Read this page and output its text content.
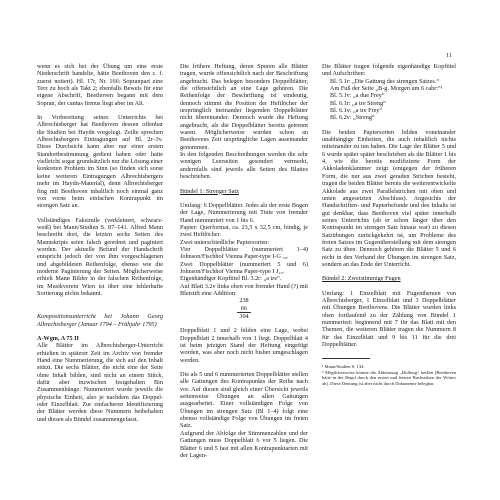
11

wenn es sich bei der Übung um eine erste Niederschrift handelte, hätte Beethoven den c. f. zuerst notiert). Hl. 17r, Nr. 166: Sopranpart eine Terz zu hoch als Takt 2; ebenfalls Beweis für eine eigene Abschrift, Beethoven begann mit dem Sopran, der cantus firmus liegt aber im Alt.

In Vorbereitung seines Unterrichts bei Albrechtsberger hat Beethoven dessen offenbar die Studien bei Haydn vorgelegt. Zeilte sprechen Albrechtsbergers Eintragungen auf Bl. 2r–3v. Diese Durchsicht kann aber nur einer ersten Standortbestimmung gedient haben oder hatte vielleicht sogar grundsätzlich nur die Lösung einer konkreten Problem im Sinn (so finden sich sonst keine weiteren Eintragungen Albrechtsbergers mehr im Haydn-Material), denn Albrechtsberger fing mit Beethoven inhaltlich noch einmal ganz von vorne beim einfachen Kontrapunkt im strengen Satz an.

Vollständiges Faksimile (verkleinert, schwarz-weiß) bei Mann/Studien S. 87–141. Alfred Mann beschreibt dort, die letzten sechs Seiten des Manuskripts seien falsch geordnet und paginiert worden. Der aktuelle Befund der Handschrift entspricht jedoch der von ihm vorgeschlagenen und abgebildeten Reihenfolge, ebenso wie die moderne Paginierung der Seiten. Möglicherweise erhielt Mann Bilder in der falschen Reihenfolge, im Musikverein Wien ist über eine fehlerhafte Sortierung nichts bekannt.

Kompositionsunterricht bei Johann Georg Albrechtsberger (Januar 1794 – Frühjahr 1795)

A-Wgm, A 75 II

Alle Blätter im Albrechtsberger-Unterricht erhielten in späterer Zeit im Archiv von fremder Hand eine Nummerierung, die sich auf den Inhalt stützt. Die sechs Blätter, die nicht eine der Seite ohne Inhalt bilden, sind nicht an einem Stück, dafür aber inzwischen festgehalten Bin Zusammenhänge: Nummeriert wurde jeweils die physische Einheit, also je nachdem das Doppel- oder Einzelblatt. Zur einfacheren Identifizierung der Blätter werden diese Nummern beibehalten und diesen als Bündel zusammengefasst.

Die frühere Heftung, deren Spuren alle Blätter tragen, wurde offensichtlich nach der Beschriftung angebracht. Das belegen besonders Doppelblätter, die offensichtlich an eine Lage gehören. Die Reihenfolge der Beschriftung ist eindeutig, dennoch stimmt die Position der Heftlöcher der ursprünglich ineinander liegenden Doppelblätter nicht übereinander. Dennoch wurde die Heftung angebracht, als die Doppelblätter bereits getrennt waren. Möglicherweise wurden schon an Beethovens Zeit ursprüngliche Lagen auseinander genommen.

In den folgenden Beschreibungen werden die sehr wenigen Leerseiten gesondert vermerkt, andernfalls sind jeweils alle Seiten des Blattes beschrieben.

Bündel 1: Strenger Satz

Umfang: 6 Doppelblätter. Jedes als der erste Bogen der Lage, Nummerierung mit Tinte von fremder Hand nummeriert von 1 bis 6.

Papier: Querformat, ca. 23,5 x 32,5 cm, bindig, je zwei Heftlöcher.

Zwei unterschiedliche Papiersorten:

Vier Doppelblätter (nummeriert 1–4) Johnson/Fischhof Vienna Paper-type I-G ₃₀.

Zwei Doppelblätter (nummeriert 5 und 6) Johnson/Fischhof Vienna Paper-type I J₁₀.

Eigenhändiger Kopftitel Bl. 3.2r: „a tre“.

Auf Blatt 3.2v links oben von fremder Hand (?) mit Bleistift eine Addition:

238
66
304

Doppelblatt 1 und 2 bilden eine Lage, wobei Doppelblatt 2 innerhalb von 1 liegt. Doppelblatt 4 ist beim jetzigen Stand der Heftung eingefügt worden, was aber noch nicht bisher umgeschlagen werden.

Die als 5 und 6 nummerierten Doppelblätter stellen alle Gattungen des Kontrapunkts der Reihe nach vor. Auf diesen sind gleich einer Übersicht jeweils seitenweise Übungen an allen Gattungen ausgearbeitet. Einer vollständigen Folge von Übungen im strengen Satz (Bl 1–4) folgt eine ebenso vollständige Folge von Übungen im freien Satz.

Aufgrund der Abfolge der Stimmenzahlen und der Gattungen muss Doppelblatt 6 vor 5 liegen. Die Blätter 6 und 5 fast mit allen Kontrapunktarten mit der Lagen-

Die Blätter tragen folgende eigenhändige Kopftitel und Aufschriften:

Bl. 5.1r: „Die Gattung des strengen Satzes.“

Am Fuß der Seite „B-g. Morgen um 6 cahr:“¹

Bl. 5.1v: „a due Frey“

Bl. 6.1r: „a tre Streng“

Bl. 6.1v: „a tre Frey“

Bl. 6.2v: „Streng“

Die beiden Papiersorten bilden voneinander unabhängige Einheiten, die auch inhaltlich nichts miteinander zu tun haben. Die Lage der Blätter 5 und 6 wurde später später beschrieben als die Blätter 1 bis 4, wie die bereits modifizierte Form der Akkoladenklammer zeigt (entgegen der früheren Form, die nur aus zwei geraden Strichen besteht, tragen die beiden Blätter bereits die weiterentwickelte Akkolade aus zwei Parallelstrichen mit oben und unten angesetzten Abschluss). Angesichts der Handschriften- und Papierbefunde und des Inhalts ist gut denkbar, dass Beethoven viel später innerhalb seines Unterrichts (ab er schon länger über den Kontrapunkt im strengen Satz hinaus war) zu diesen Satzübungen zurückgekehrt ist, um Probleme des freien Satzes im Gegenüberstellung mit dem strengen Satz zu üben. Dennoch gehören die Blätter 5 und 6 nicht in den Verband der Übungen im strengen Satz, sondern an das Ende der Unterricht.

Bündel 2: Zweistimmige Fugen

Umfang: 1 Einzelblatt mit Fugenthemen von Albrechtsberger, 1 Einzelblatt und 3 Doppelblätter mit Übungen Beethovens. Die Blätter wurden links oben fortlaufend zu der Zählung von Bündel 1 nummeriert: beginnend mit 7 für das Blatt mit den Themen, die weiteren Blätter tragen die Nummern 8 für das Einzelblatt und 9 bis 11 für die drei Doppelblätter.

¹ Mann/Studien S. 134.

² Möglicherweise könnte die Abkürzung „Hofburg“ heißen (Beethoven hätte in der Regel durch den ersten und letzten Buchstaben der Wörter ab). Diese Deutung ist aber nicht durch Dokumente belegbar.
